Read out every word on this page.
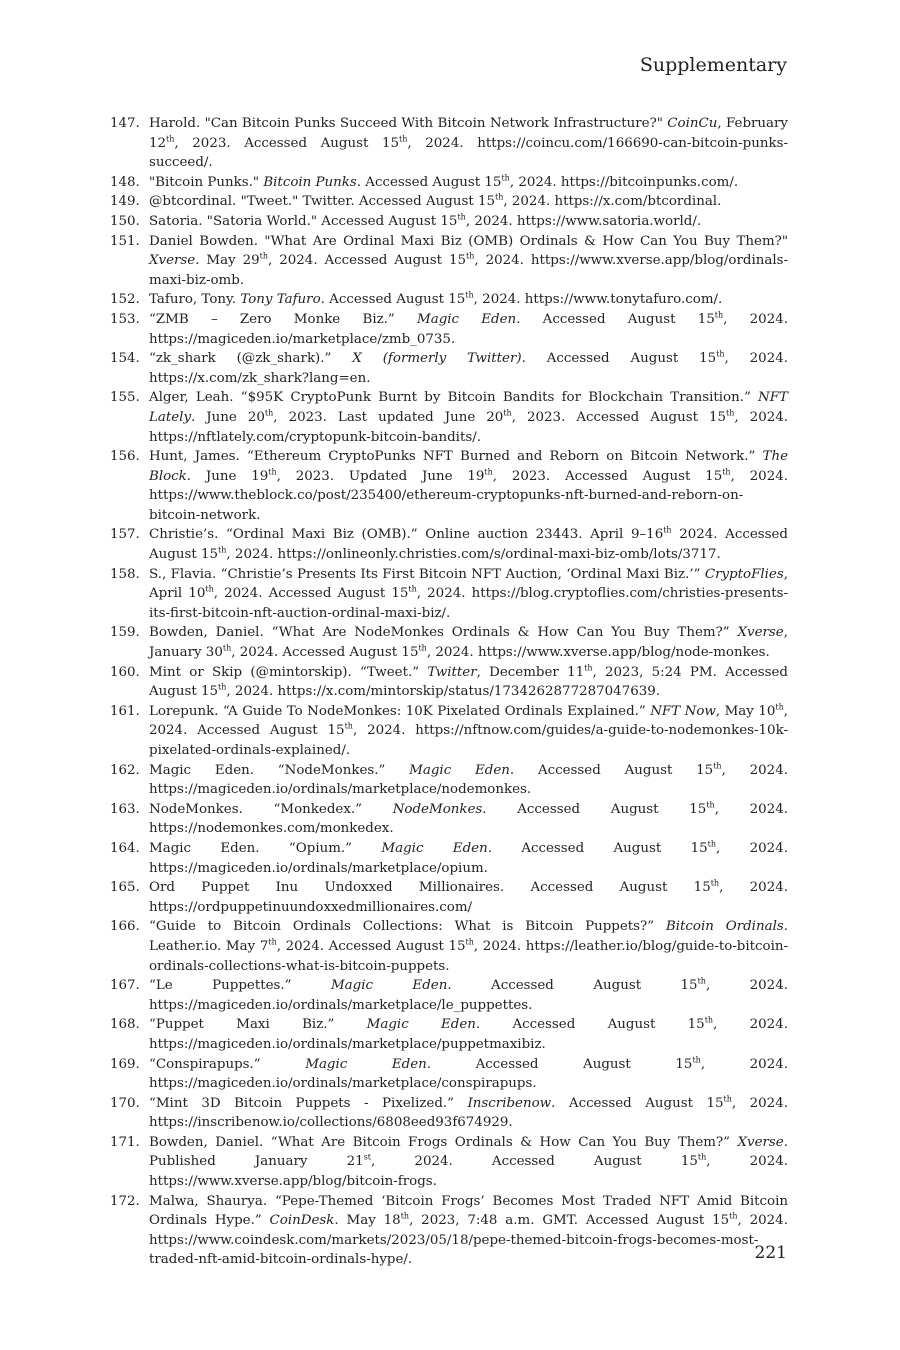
Supplementary
147. Harold. "Can Bitcoin Punks Succeed With Bitcoin Network Infrastructure?" CoinCu, February 12th, 2023. Accessed August 15th, 2024. https://coincu.com/166690-can-bitcoin-punks-succeed/.
148. "Bitcoin Punks." Bitcoin Punks. Accessed August 15th, 2024. https://bitcoinpunks.com/.
149. @btcordinal. "Tweet." Twitter. Accessed August 15th, 2024. https://x.com/btcordinal.
150. Satoria. "Satoria World." Accessed August 15th, 2024. https://www.satoria.world/.
151. Daniel Bowden. "What Are Ordinal Maxi Biz (OMB) Ordinals & How Can You Buy Them?" Xverse. May 29th, 2024. Accessed August 15th, 2024. https://www.xverse.app/blog/ordinals-maxi-biz-omb.
152. Tafuro, Tony. Tony Tafuro. Accessed August 15th, 2024. https://www.tonytafuro.com/.
153. “ZMB – Zero Monke Biz.” Magic Eden. Accessed August 15th, 2024. https://magiceden.io/marketplace/zmb_0735.
154. “zk_shark (@zk_shark).” X (formerly Twitter). Accessed August 15th, 2024. https://x.com/zk_shark?lang=en.
155. Alger, Leah. “$95K CryptoPunk Burnt by Bitcoin Bandits for Blockchain Transition.” NFT Lately. June 20th, 2023. Last updated June 20th, 2023. Accessed August 15th, 2024. https://nftlately.com/cryptopunk-bitcoin-bandits/.
156. Hunt, James. “Ethereum CryptoPunks NFT Burned and Reborn on Bitcoin Network.” The Block. June 19th, 2023. Updated June 19th, 2023. Accessed August 15th, 2024. https://www.theblock.co/post/235400/ethereum-cryptopunks-nft-burned-and-reborn-on-bitcoin-network.
157. Christie’s. “Ordinal Maxi Biz (OMB).” Online auction 23443. April 9–16th 2024. Accessed August 15th, 2024. https://onlineonly.christies.com/s/ordinal-maxi-biz-omb/lots/3717.
158. S., Flavia. “Christie’s Presents Its First Bitcoin NFT Auction, ‘Ordinal Maxi Biz.’” CryptoFlies, April 10th, 2024. Accessed August 15th, 2024. https://blog.cryptoflies.com/christies-presents-its-first-bitcoin-nft-auction-ordinal-maxi-biz/.
159. Bowden, Daniel. “What Are NodeMonkes Ordinals & How Can You Buy Them?” Xverse, January 30th, 2024. Accessed August 15th, 2024. https://www.xverse.app/blog/node-monkes.
160. Mint or Skip (@mintorskip). “Tweet.” Twitter, December 11th, 2023, 5:24 PM. Accessed August 15th, 2024. https://x.com/mintorskip/status/1734262877287047639.
161. Lorepunk. “A Guide To NodeMonkes: 10K Pixelated Ordinals Explained.” NFT Now, May 10th, 2024. Accessed August 15th, 2024. https://nftnow.com/guides/a-guide-to-nodemonkes-10k-pixelated-ordinals-explained/.
162. Magic Eden. “NodeMonkes.” Magic Eden. Accessed August 15th, 2024. https://magiceden.io/ordinals/marketplace/nodemonkes.
163. NodeMonkes. “Monkedex.” NodeMonkes. Accessed August 15th, 2024. https://nodemonkes.com/monkedex.
164. Magic Eden. “Opium.” Magic Eden. Accessed August 15th, 2024. https://magiceden.io/ordinals/marketplace/opium.
165. Ord Puppet Inu Undoxxed Millionaires. Accessed August 15th, 2024. https://ordpuppetinuundoxxedmillionaires.com/
166. “Guide to Bitcoin Ordinals Collections: What is Bitcoin Puppets?” Bitcoin Ordinals. Leather.io. May 7th, 2024. Accessed August 15th, 2024. https://leather.io/blog/guide-to-bitcoin-ordinals-collections-what-is-bitcoin-puppets.
167. “Le Puppettes.” Magic Eden. Accessed August 15th, 2024. https://magiceden.io/ordinals/marketplace/le_puppettes.
168. “Puppet Maxi Biz.” Magic Eden. Accessed August 15th, 2024. https://magiceden.io/ordinals/marketplace/puppetmaxibiz.
169. “Conspirapups.” Magic Eden. Accessed August 15th, 2024. https://magiceden.io/ordinals/marketplace/conspirapups.
170. “Mint 3D Bitcoin Puppets - Pixelized.” Inscribenow. Accessed August 15th, 2024. https://inscribenow.io/collections/6808eed93f674929.
171. Bowden, Daniel. “What Are Bitcoin Frogs Ordinals & How Can You Buy Them?” Xverse. Published January 21st, 2024. Accessed August 15th, 2024. https://www.xverse.app/blog/bitcoin-frogs.
172. Malwa, Shaurya. “Pepe-Themed ‘Bitcoin Frogs’ Becomes Most Traded NFT Amid Bitcoin Ordinals Hype.” CoinDesk. May 18th, 2023, 7:48 a.m. GMT. Accessed August 15th, 2024. https://www.coindesk.com/markets/2023/05/18/pepe-themed-bitcoin-frogs-becomes-most-traded-nft-amid-bitcoin-ordinals-hype/.	221
